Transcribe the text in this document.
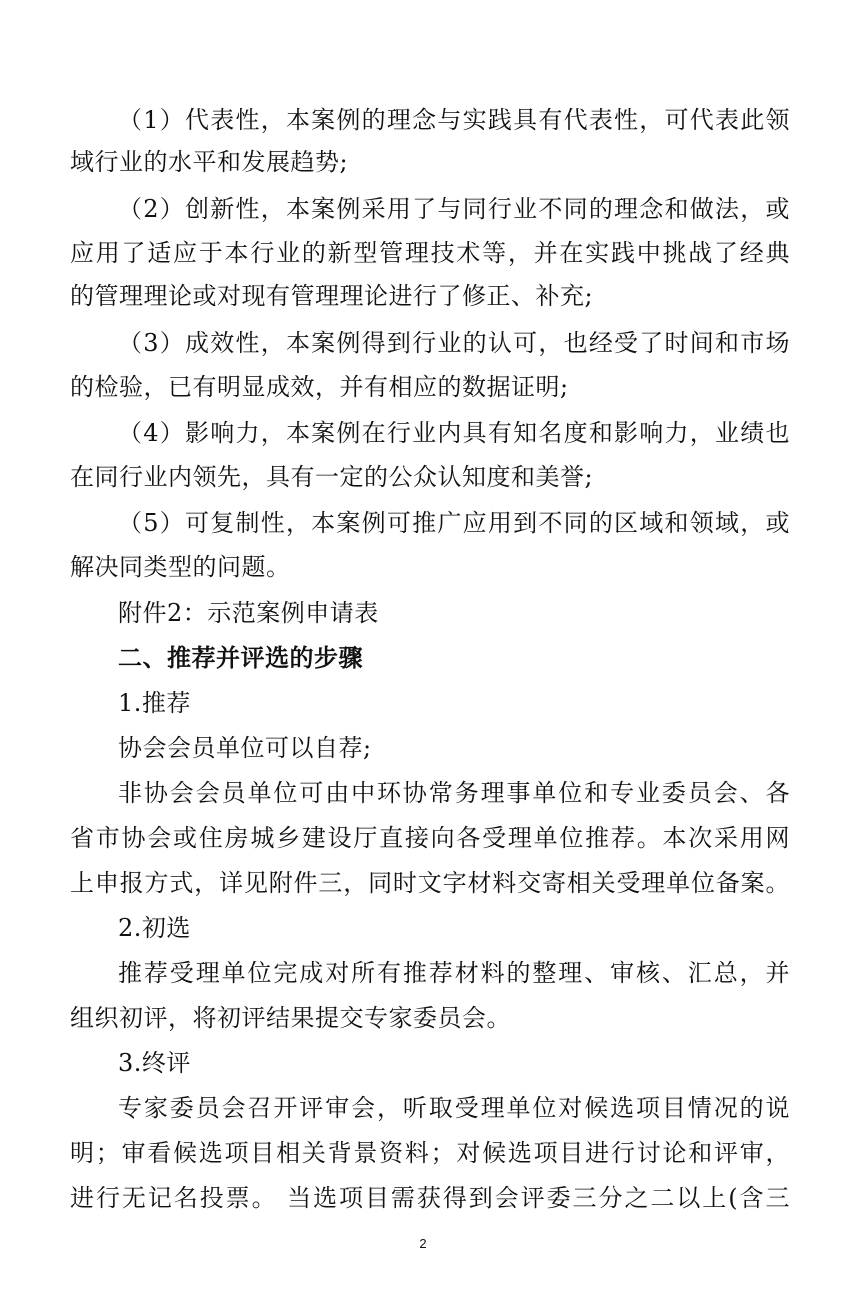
（1）代表性，本案例的理念与实践具有代表性，可代表此领
域行业的水平和发展趋势;
（2）创新性，本案例采用了与同行业不同的理念和做法，或
应用了适应于本行业的新型管理技术等，并在实践中挑战了经典
的管理理论或对现有管理理论进行了修正、补充;
（3）成效性，本案例得到行业的认可，也经受了时间和市场
的检验，已有明显成效，并有相应的数据证明;
（4）影响力，本案例在行业内具有知名度和影响力，业绩也
在同行业内领先，具有一定的公众认知度和美誉;
（5）可复制性，本案例可推广应用到不同的区域和领域，或
解决同类型的问题。
附件2：示范案例申请表
二、推荐并评选的步骤
1.推荐
协会会员单位可以自荐;
非协会会员单位可由中环协常务理事单位和专业委员会、各
省市协会或住房城乡建设厅直接向各受理单位推荐。本次采用网
上申报方式，详见附件三，同时文字材料交寄相关受理单位备案。
2.初选
推荐受理单位完成对所有推荐材料的整理、审核、汇总，并
组织初评，将初评结果提交专家委员会。
3.终评
专家委员会召开评审会，听取受理单位对候选项目情况的说
明；审看候选项目相关背景资料；对候选项目进行讨论和评审，
进行无记名投票。 当选项目需获得到会评委三分之二以上(含三
2
